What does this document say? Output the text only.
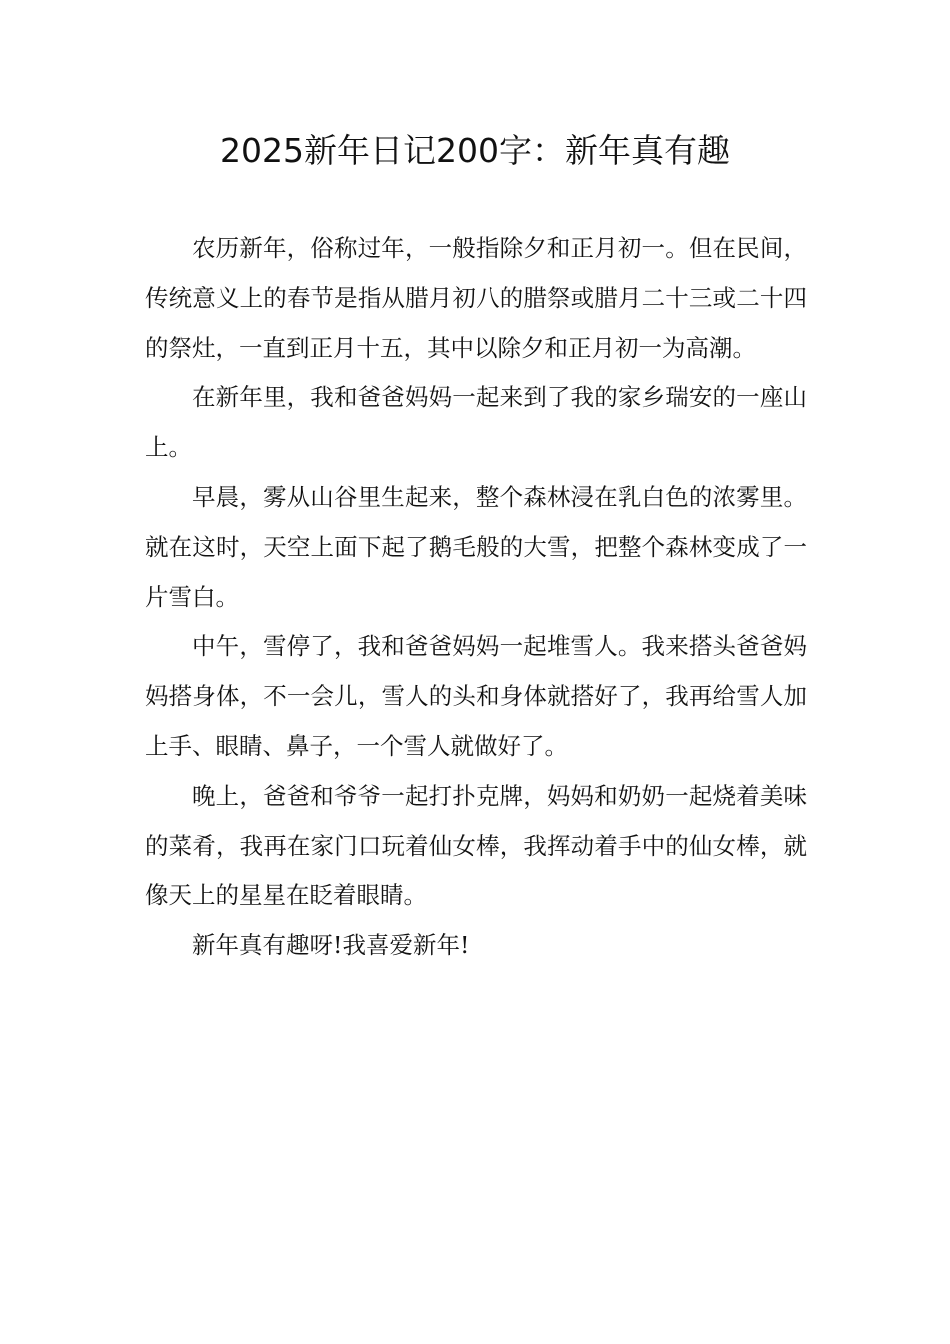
2025新年日记200字：新年真有趣

农历新年，俗称过年，一般指除夕和正月初一。但在民间，传统意义上的春节是指从腊月初八的腊祭或腊月二十三或二十四的祭灶，一直到正月十五，其中以除夕和正月初一为高潮。

在新年里，我和爸爸妈妈一起来到了我的家乡瑞安的一座山上。

早晨，雾从山谷里生起来，整个森林浸在乳白色的浓雾里。就在这时，天空上面下起了鹅毛般的大雪，把整个森林变成了一片雪白。

中午，雪停了，我和爸爸妈妈一起堆雪人。我来搭头爸爸妈妈搭身体，不一会儿，雪人的头和身体就搭好了，我再给雪人加上手、眼睛、鼻子，一个雪人就做好了。

晚上，爸爸和爷爷一起打扑克牌，妈妈和奶奶一起烧着美味的菜肴，我再在家门口玩着仙女棒，我挥动着手中的仙女棒，就像天上的星星在眨着眼睛。

新年真有趣呀!我喜爱新年!
